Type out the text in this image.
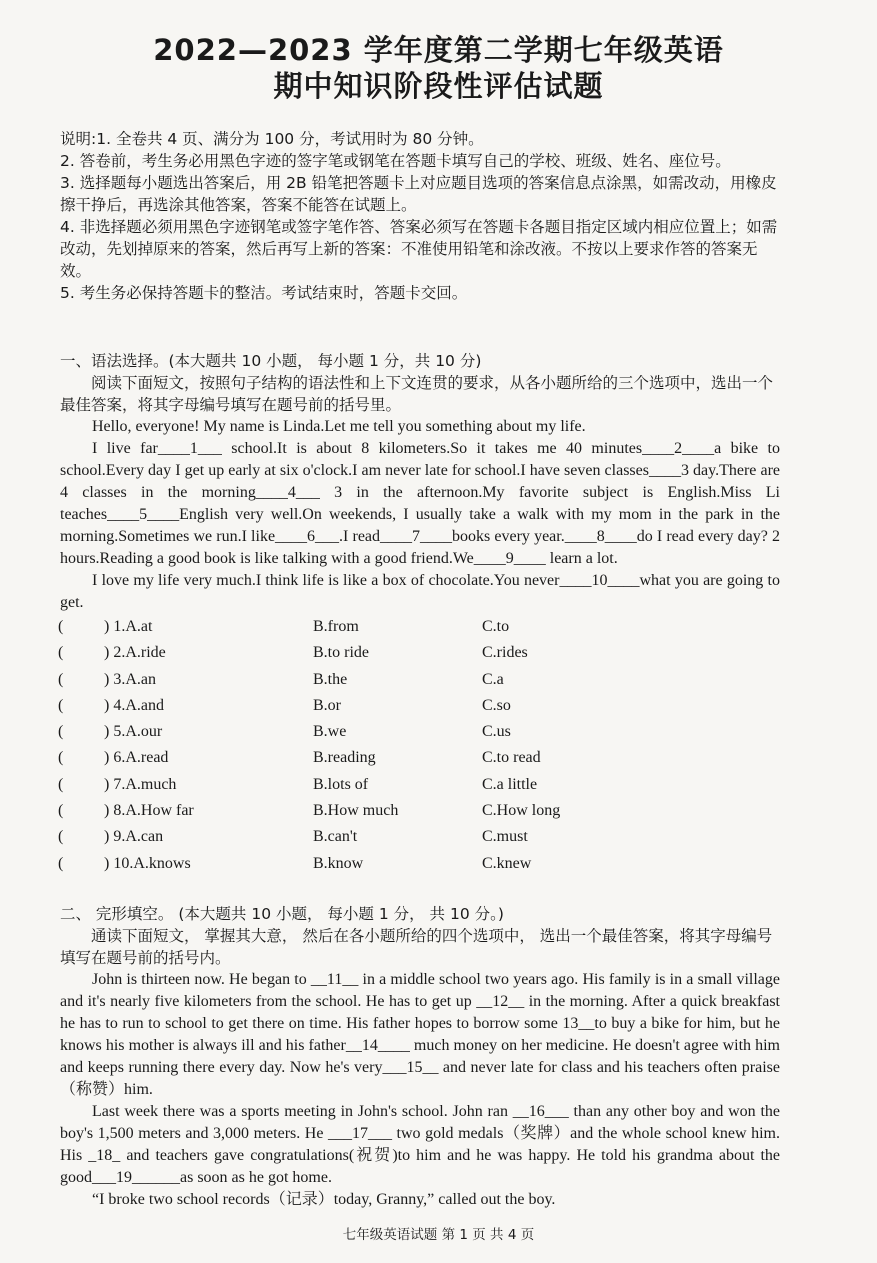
2022—2023 学年度第二学期七年级英语
期中知识阶段性评估试题

说明:1. 全卷共 4 页、满分为 100 分，考试用时为 80 分钟。

2. 答卷前，考生务必用黑色字迹的签字笔或钢笔在答题卡填写自己的学校、班级、姓名、座位号。

3. 选择题每小题选出答案后，用 2B 铅笔把答题卡上对应题目选项的答案信息点涂黑，如需改动，用橡皮擦干挣后，再选涂其他答案，答案不能答在试题上。

4. 非选择题必须用黑色字迹钢笔或签字笔作答、答案必须写在答题卡各题目指定区域内相应位置上；如需改动，先划掉原来的答案，然后再写上新的答案：不准使用铅笔和涂改液。不按以上要求作答的答案无效。

5. 考生务必保持答题卡的整洁。考试结束时，答题卡交回。

一、语法选择。(本大题共 10 小题， 每小题 1 分，共 10 分)

阅读下面短文，按照句子结构的语法性和上下文连贯的要求，从各小题所给的三个选项中，选出一个最佳答案，将其字母编号填写在题号前的括号里。

Hello, everyone! My name is Linda.Let me tell you something about my life.

I live far____1___ school.It is about 8 kilometers.So it takes me 40 minutes____2____a bike to school.Every day I get up early at six o'clock.I am never late for school.I have seven classes____3 day.There are 4 classes in the morning____4___ 3 in the afternoon.My favorite subject is English.Miss Li teaches____5____English very well.On weekends, I usually take a walk with my mom in the park in the morning.Sometimes we run.I like____6___.I read____7____books every year.____8____do I read every day? 2 hours.Reading a good book is like talking with a good friend.We____9____ learn a lot.

I love my life very much.I think life is like a box of chocolate.You never____10____what you are going to get.

(	) 1.A.at	B.from	C.to
(	) 2.A.ride	B.to ride	C.rides
(	) 3.A.an	B.the	C.a
(	) 4.A.and	B.or	C.so
(	) 5.A.our	B.we	C.us
(	) 6.A.read	B.reading	C.to read
(	) 7.A.much	B.lots of	C.a little
(	) 8.A.How far	B.How much	C.How long
(	) 9.A.can	B.can't	C.must
(	) 10.A.knows	B.know	C.knew

二、 完形填空。 (本大题共 10 小题， 每小题 1 分， 共 10 分。)

通读下面短文， 掌握其大意， 然后在各小题所给的四个选项中， 选出一个最佳答案，将其字母编号填写在题号前的括号内。

John is thirteen now. He began to __11__ in a middle school two years ago. His family is in a small village and it's nearly five kilometers from the school. He has to get up __12__ in the morning. After a quick breakfast he has to run to school to get there on time. His father hopes to borrow some 13__to buy a bike for him, but he knows his mother is always ill and his father__14____ much money on her medicine. He doesn't agree with him and keeps running there every day. Now he's very___15__ and never late for class and his teachers often praise（称赞）him.

Last week there was a sports meeting in John's school. John ran __16___ than any other boy and won the boy's 1,500 meters and 3,000 meters. He ___17___ two gold medals（奖牌）and the whole school knew him. His _18_ and teachers gave congratulations(祝贺)to him and he was happy. He told his grandma about the good___19______as soon as he got home.

“I broke two school records（记录）today, Granny,” called out the boy.

七年级英语试题 第 1 页 共 4 页
